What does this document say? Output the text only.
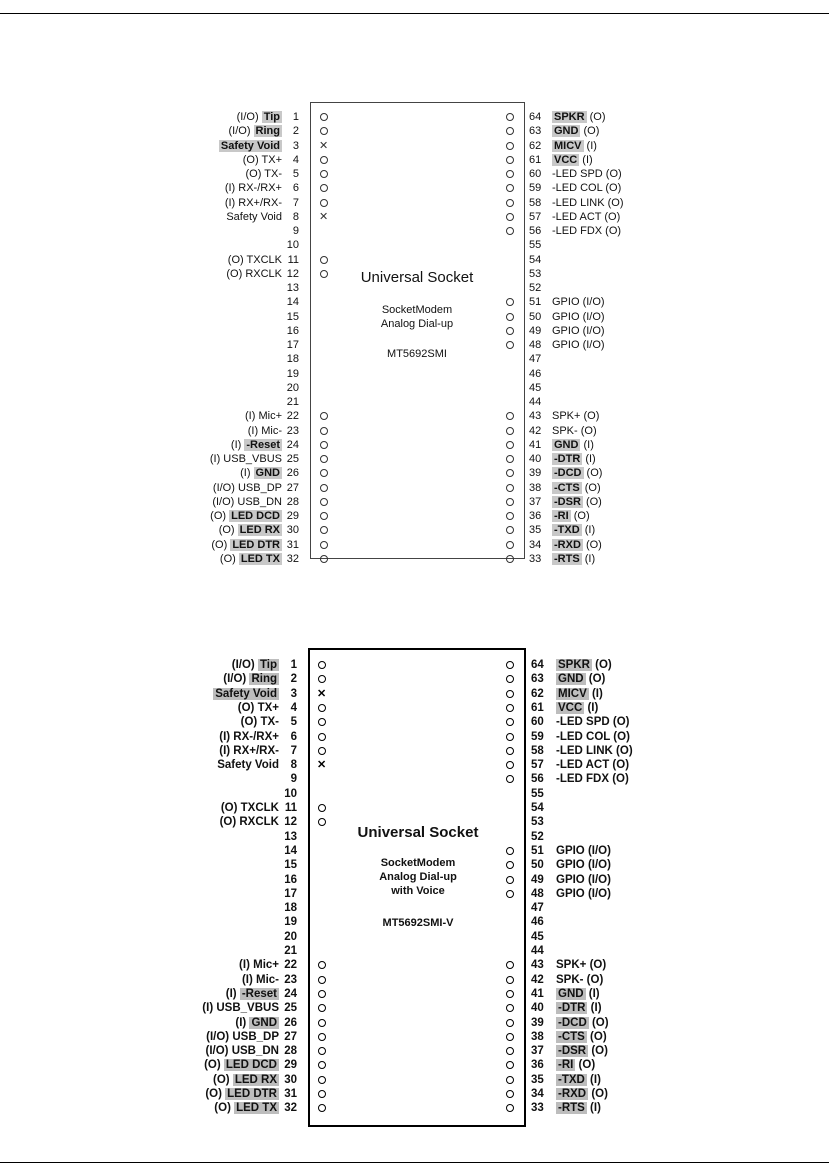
Universal Socket
SocketModem
Analog Dial-up
MT5692SMI
(I/O) Tip	1
(I/O) Ring	2
Safety Void	3 ✕
(O) TX+ 4
(O) TX- 5
(I) RX-/RX+ 6
(I) RX+/RX- 7
Safety Void 8 ✕
9
10
(O) TXCLK 11
(O) RXCLK 12
13
14
15
16
17
18
19
20
21
(I) Mic+ 22
(I) Mic- 23
(I) -Reset 24
(I) USB_VBUS 25
(I) GND 26
(I/O) USB_DP 27
(I/O) USB_DN 28
(O) LED DCD 29
(O) LED RX 30
(O) LED DTR 31
(O) LED TX 32
64	SPKR (O)
63	GND (O)
62	MICV (I)
61	VCC (I)
60 -LED SPD (O)
59 -LED COL (O)
58 -LED LINK (O)
57 -LED ACT (O)
56 -LED FDX (O)
55
54
53
52
51 GPIO (I/O)
50 GPIO (I/O)
49 GPIO (I/O)
48 GPIO (I/O)
47
46
45
44
43 SPK+ (O)
42 SPK- (O)
41	GND (I)
40	-DTR (I)
39	-DCD (O)
38	-CTS (O)
37	-DSR (O)
36	-RI (O)
35	-TXD (I)
34	-RXD (O)
33	-RTS (I)
Universal Socket
SocketModem
Analog Dial-up
with Voice
MT5692SMI-V
(I/O) Tip	1
(I/O) Ring	2
Safety Void	3 ✕
(O) TX+	4
(O) TX-	5
(I) RX-/RX+	6
(I) RX+/RX-	7
Safety Void	8 ✕
9
10
(O) TXCLK 11
(O) RXCLK 12
13
14
15
16
17
18
19
20
21
(I) Mic+ 22
(I) Mic- 23
(I) -Reset 24
(I) USB_VBUS 25
(I) GND 26
(I/O) USB_DP 27
(I/O) USB_DN 28
(O) LED DCD 29
(O) LED RX 30
(O) LED DTR 31
(O) LED TX 32
64	SPKR (O)
63	GND (O)
62	MICV (I)
61	VCC (I)
60	-LED SPD (O)
59	-LED COL (O)
58	-LED LINK (O)
57	-LED ACT (O)
56	-LED FDX (O)
55
54
53
52
51	GPIO (I/O)
50	GPIO (I/O)
49	GPIO (I/O)
48	GPIO (I/O)
47
46
45
44
43	SPK+ (O)
42	SPK- (O)
41	GND (I)
40	-DTR (I)
39	-DCD (O)
38	-CTS (O)
37	-DSR (O)
36	-RI (O)
35	-TXD (I)
34	-RXD (O)
33	-RTS (I)
